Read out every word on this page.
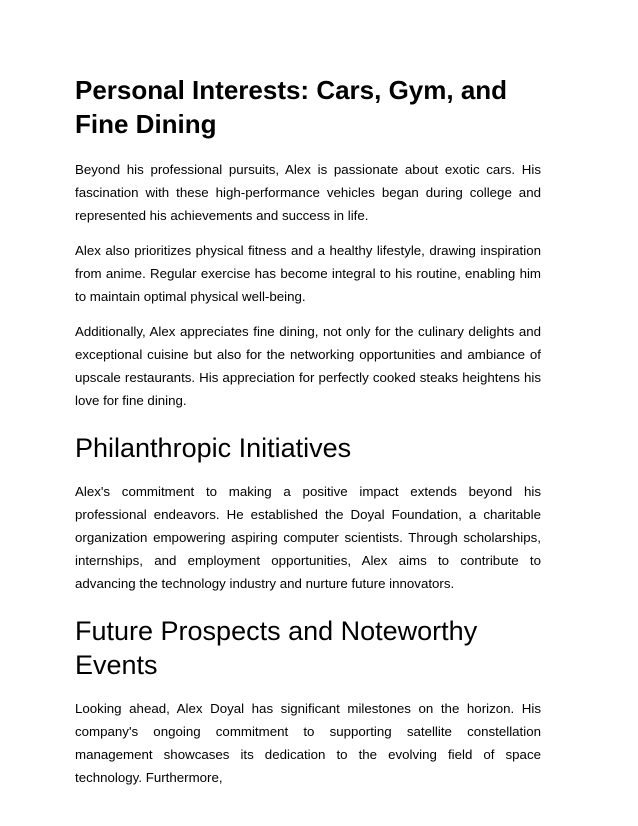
Personal Interests: Cars, Gym, and Fine Dining

Beyond his professional pursuits, Alex is passionate about exotic cars. His fascination with these high-performance vehicles began during college and represented his achievements and success in life.

Alex also prioritizes physical fitness and a healthy lifestyle, drawing inspiration from anime. Regular exercise has become integral to his routine, enabling him to maintain optimal physical well-being.

Additionally, Alex appreciates fine dining, not only for the culinary delights and exceptional cuisine but also for the networking opportunities and ambiance of upscale restaurants. His appreciation for perfectly cooked steaks heightens his love for fine dining.

Philanthropic Initiatives

Alex's commitment to making a positive impact extends beyond his professional endeavors. He established the Doyal Foundation, a charitable organization empowering aspiring computer scientists. Through scholarships, internships, and employment opportunities, Alex aims to contribute to advancing the technology industry and nurture future innovators.

Future Prospects and Noteworthy Events

Looking ahead, Alex Doyal has significant milestones on the horizon. His company's ongoing commitment to supporting satellite constellation management showcases its dedication to the evolving field of space technology. Furthermore,
